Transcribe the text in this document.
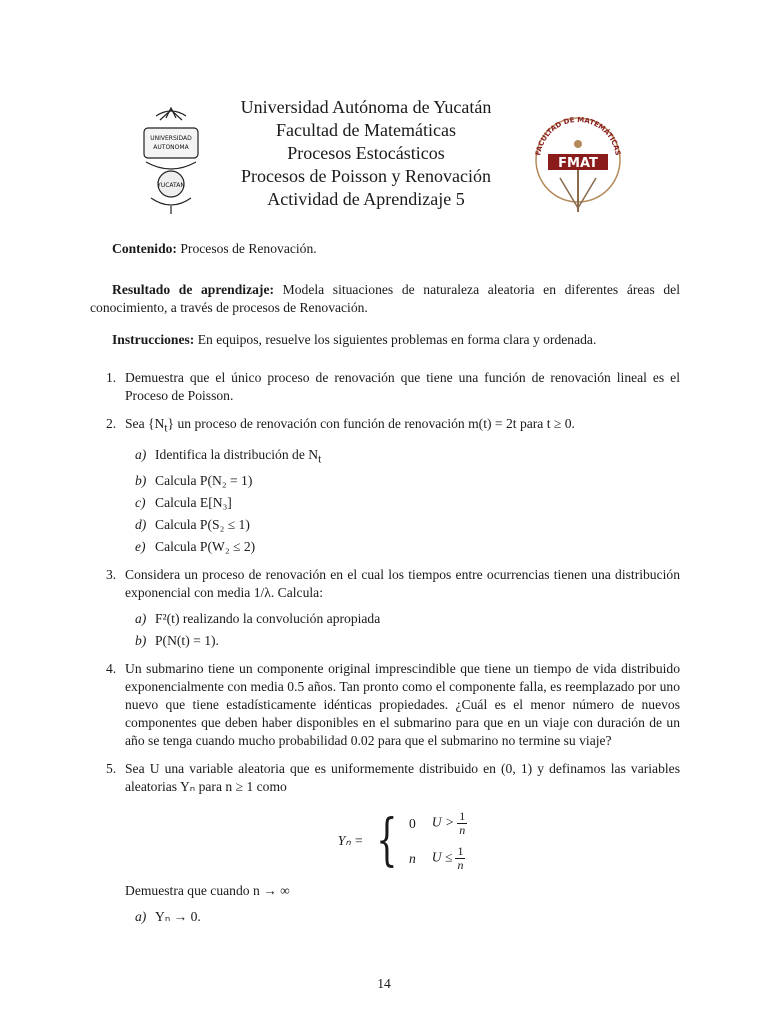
UNIVERSIDAD
AUTONOMA
YUCATAN
Universidad Autónoma de Yucatán
Facultad de Matemáticas
Procesos Estocásticos
Procesos de Poisson y Renovación
Actividad de Aprendizaje 5
FACULTAD DE MATEMÁTICAS
FMAT

Contenido: Procesos de Renovación.

Resultado de aprendizaje: Modela situaciones de naturaleza aleatoria en diferentes áreas del conocimiento, a través de procesos de Renovación.

Instrucciones: En equipos, resuelve los siguientes problemas en forma clara y ordenada.

1. Demuestra que el único proceso de renovación que tiene una función de renovación lineal es el Proceso de Poisson.
2. Sea $\{N_t\}$ un proceso de renovación con función de renovación m(t) = 2t para t ≥ 0.
a) Identifica la distribución de $N_t$
b) Calcula P(N₂ = 1)
c) Calcula E[N₃]
d) Calcula P(S₂ ≤ 1)
e) Calcula P(W₂ ≤ 2)
3. Considera un proceso de renovación en el cual los tiempos entre ocurrencias tienen una distribución exponencial con media 1/λ. Calcula:
a) F²(t) realizando la convolución apropiada
b) P(N(t) = 1).
4. Un submarino tiene un componente original imprescindible que tiene un tiempo de vida distribuido exponencialmente con media 0.5 años. Tan pronto como el componente falla, es reemplazado por uno nuevo que tiene estadísticamente idénticas propiedades. ¿Cuál es el menor número de nuevos componentes que deben haber disponibles en el submarino para que en un viaje con duración de un año se tenga cuando mucho probabilidad 0.02 para que el submarino no termine su viaje?
5. Sea U una variable aleatoria que es uniformemente distribuido en (0, 1) y definamos las variables aleatorias Yₙ para n ≥ 1 como
Yₙ = { 0 $U > \frac{1}{n}$
n $U \le \frac{1}{n}$
Demuestra que cuando n → ∞
a) Yₙ → 0.
14
